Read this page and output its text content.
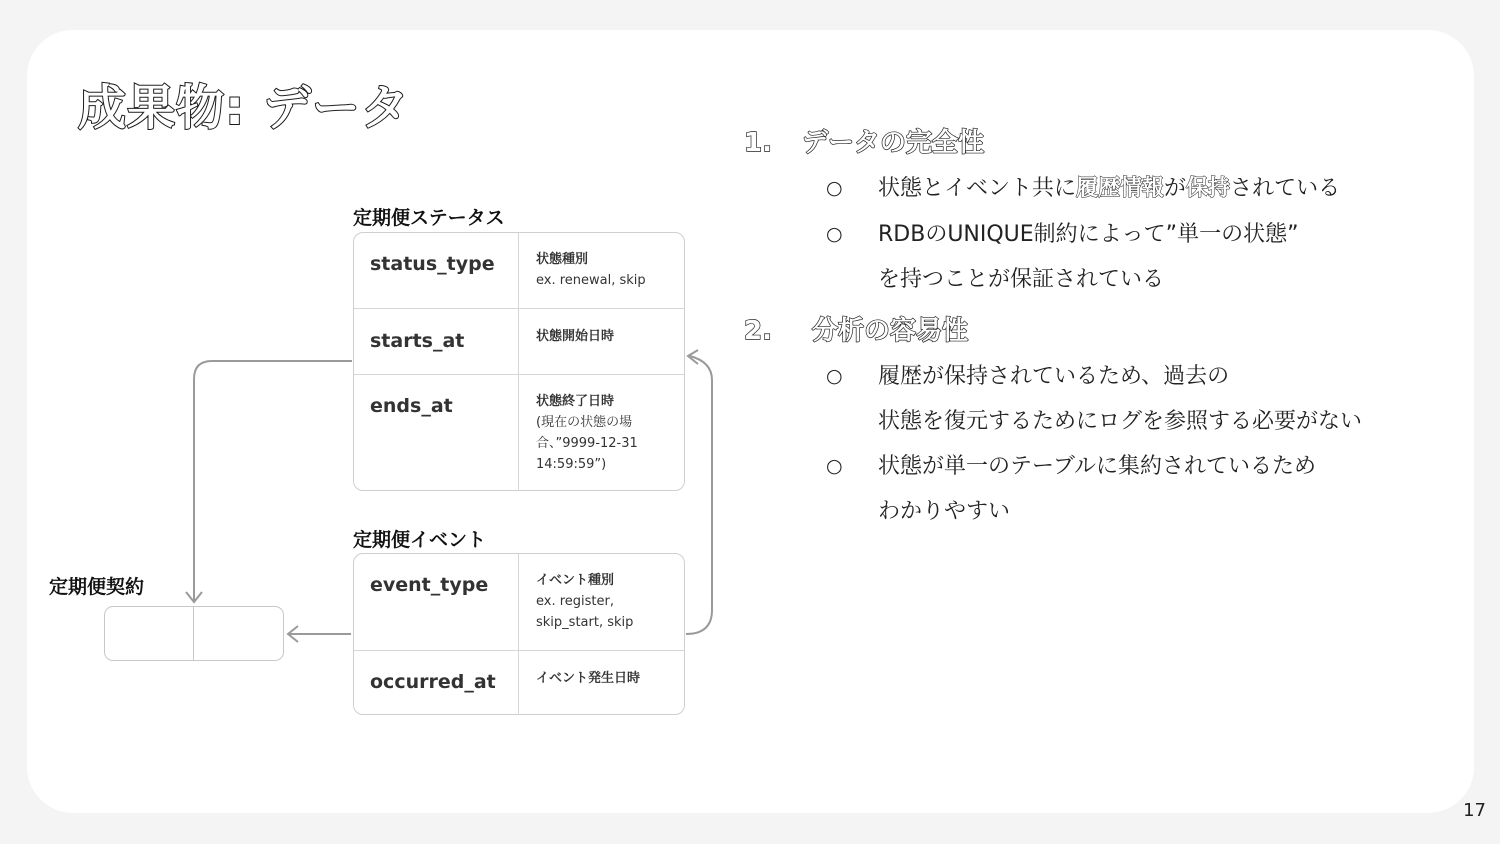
成果物: データ
定期便ステータス
status_type	状態種別
ex. renewal, skip
starts_at	状態開始日時
ends_at	状態終了日時
(現在の状態の場
合、”9999-12-31
14:59:59”)
定期便イベント
event_type	イベント種別
ex. register,
skip_start, skip
occurred_at	イベント発生日時
定期便契約
1. データの完全性
○ 状態とイベント共に履歴情報が保持されている
○ RDBのUNIQUE制約によって”単一の状態”
を持つことが保証されている
2. 分析の容易性
○ 履歴が保持されているため、過去の
状態を復元するためにログを参照する必要がない
○ 状態が単一のテーブルに集約されているため
わかりやすい
17
